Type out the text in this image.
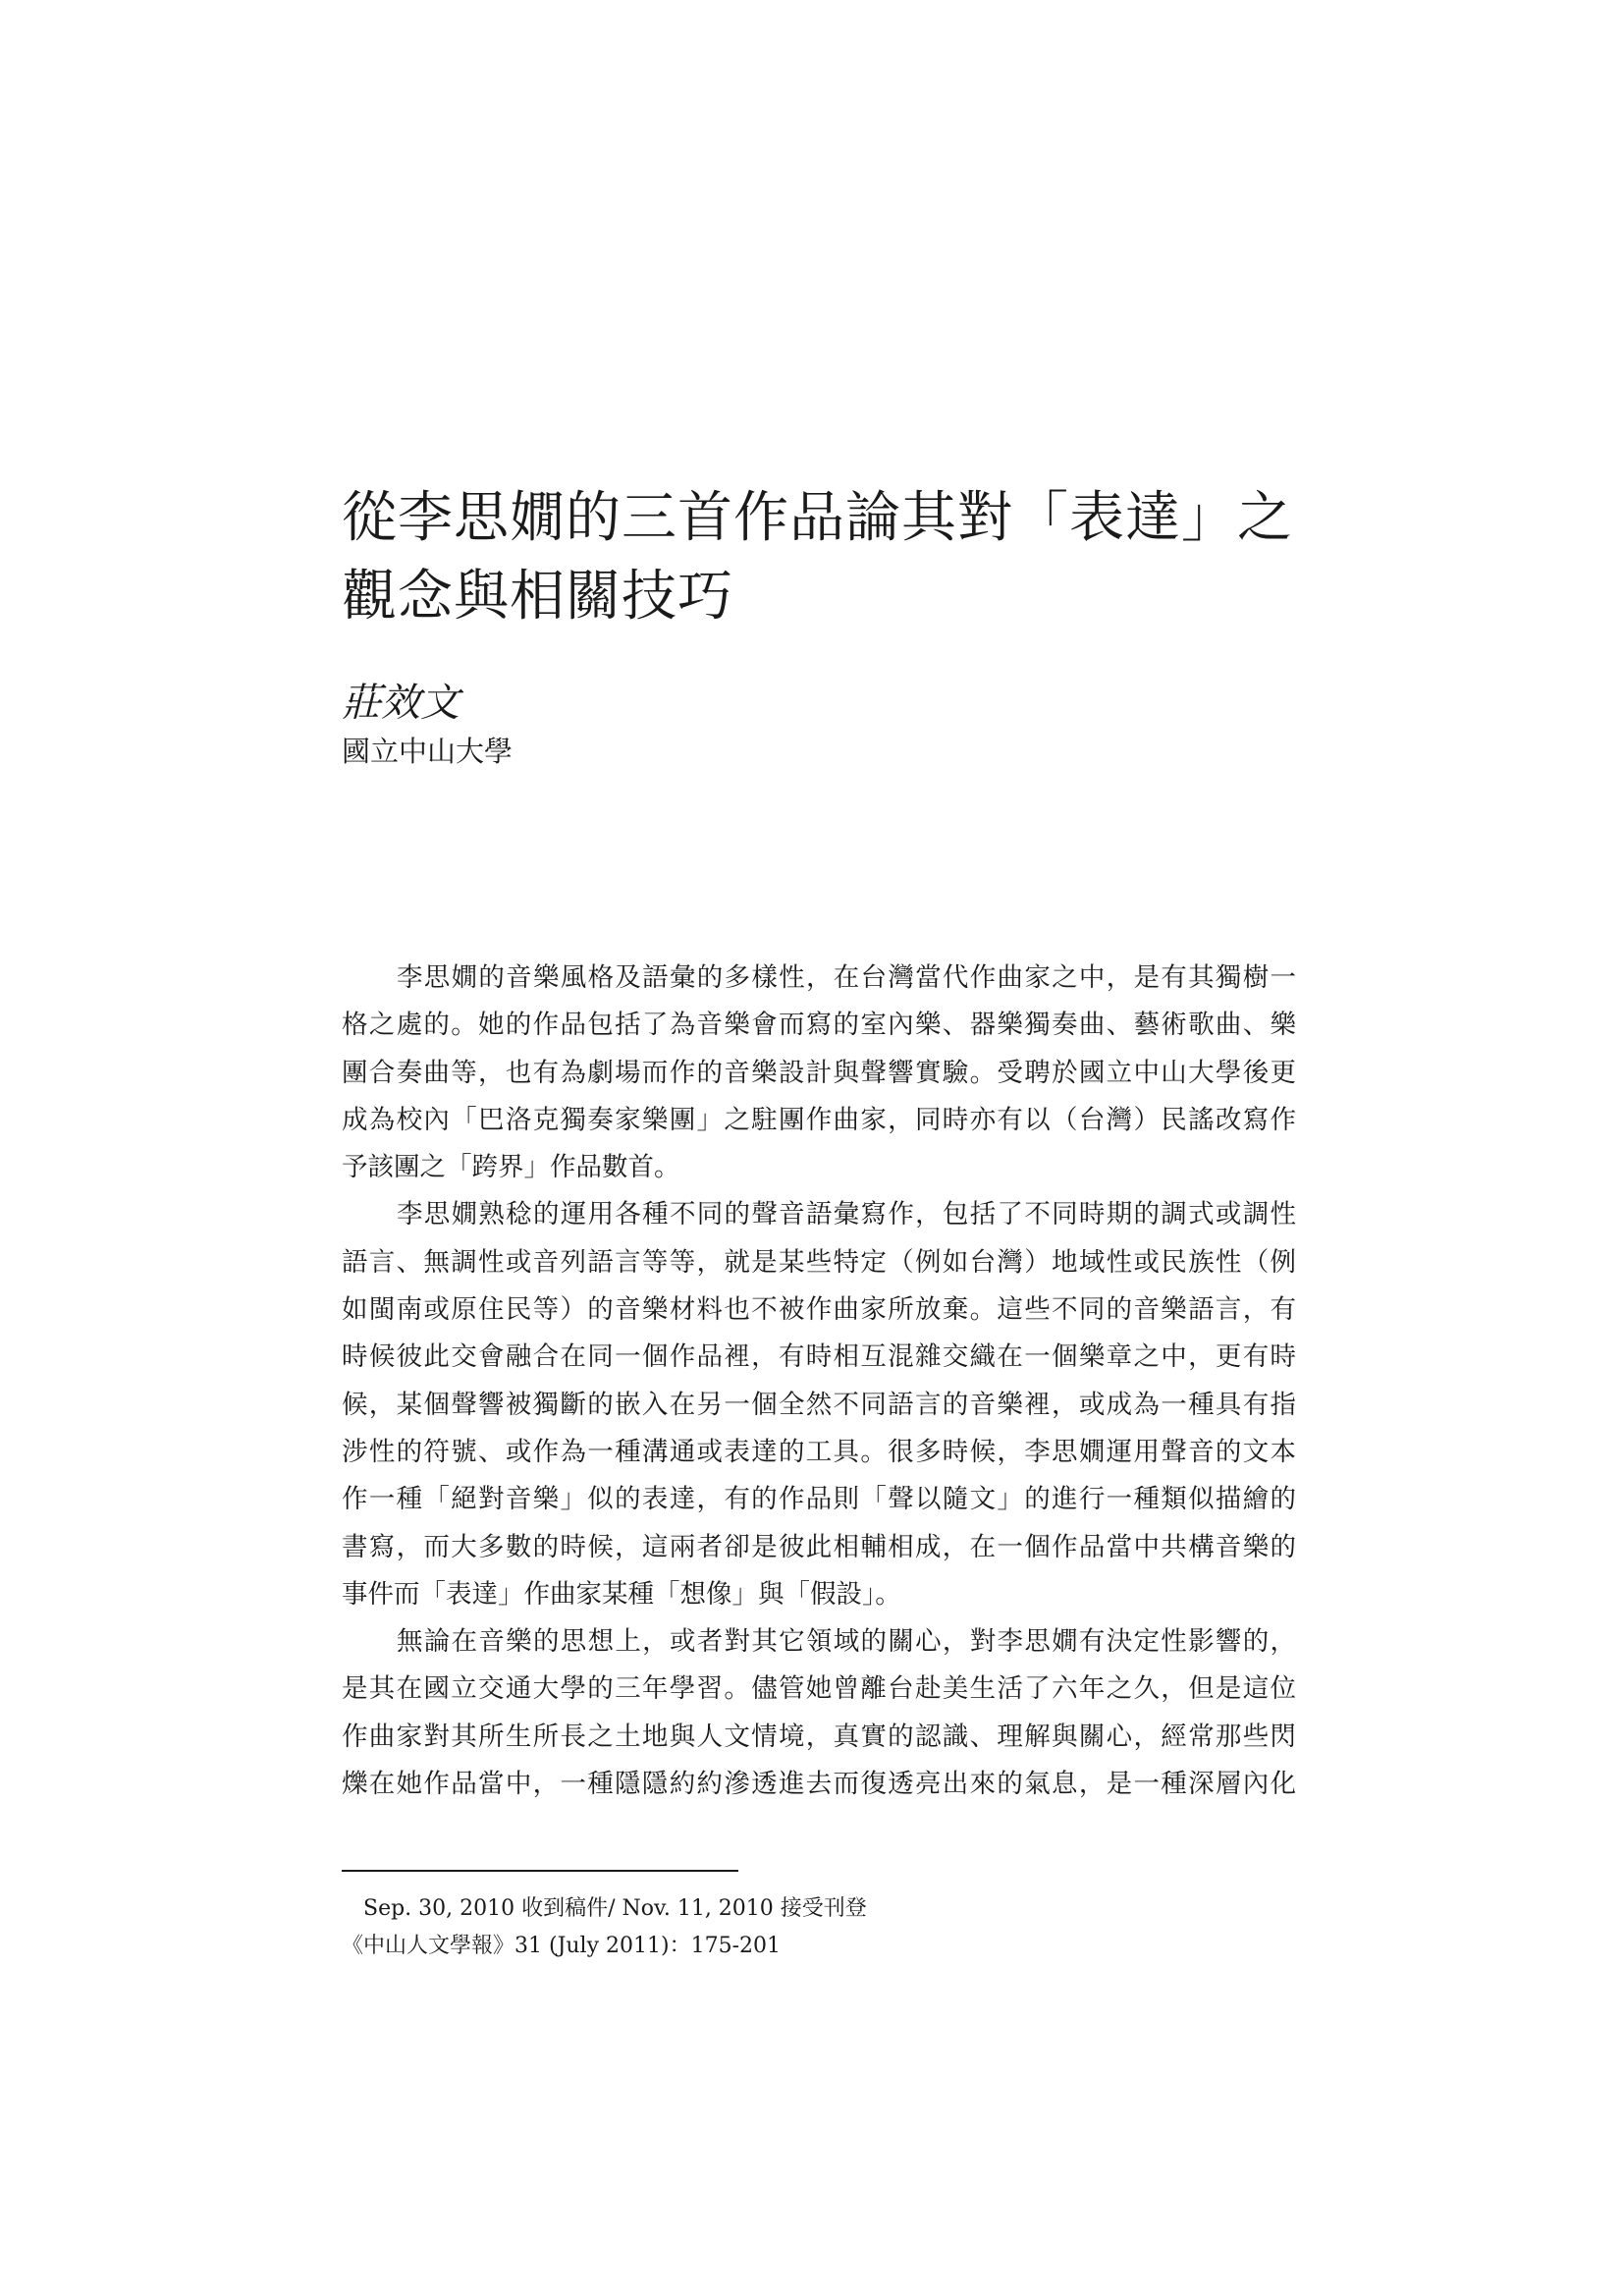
從李思嫺的三首作品論其對「表達」之
觀念與相關技巧

莊效文

國立中山大學

李思嫺的音樂風格及語彙的多樣性，在台灣當代作曲家之中，是有其獨樹一
格之處的。她的作品包括了為音樂會而寫的室內樂、器樂獨奏曲、藝術歌曲、樂
團合奏曲等，也有為劇場而作的音樂設計與聲響實驗。受聘於國立中山大學後更
成為校內「巴洛克獨奏家樂團」之駐團作曲家，同時亦有以（台灣）民謠改寫作
予該團之「跨界」作品數首。

李思嫺熟稔的運用各種不同的聲音語彙寫作，包括了不同時期的調式或調性
語言、無調性或音列語言等等，就是某些特定（例如台灣）地域性或民族性（例
如閩南或原住民等）的音樂材料也不被作曲家所放棄。這些不同的音樂語言，有
時候彼此交會融合在同一個作品裡，有時相互混雜交織在一個樂章之中，更有時
候，某個聲響被獨斷的嵌入在另一個全然不同語言的音樂裡，或成為一種具有指
涉性的符號、或作為一種溝通或表達的工具。很多時候，李思嫺運用聲音的文本
作一種「絕對音樂」似的表達，有的作品則「聲以隨文」的進行一種類似描繪的
書寫，而大多數的時候，這兩者卻是彼此相輔相成，在一個作品當中共構音樂的
事件而「表達」作曲家某種「想像」與「假設」。

無論在音樂的思想上，或者對其它領域的關心，對李思嫺有決定性影響的，
是其在國立交通大學的三年學習。儘管她曾離台赴美生活了六年之久，但是這位
作曲家對其所生所長之土地與人文情境，真實的認識、理解與關心，經常那些閃
爍在她作品當中，一種隱隱約約滲透進去而復透亮出來的氣息，是一種深層內化

Sep. 30, 2010 收到稿件/ Nov. 11, 2010 接受刊登

《中山人文學報》31 (July 2011)：175-201
